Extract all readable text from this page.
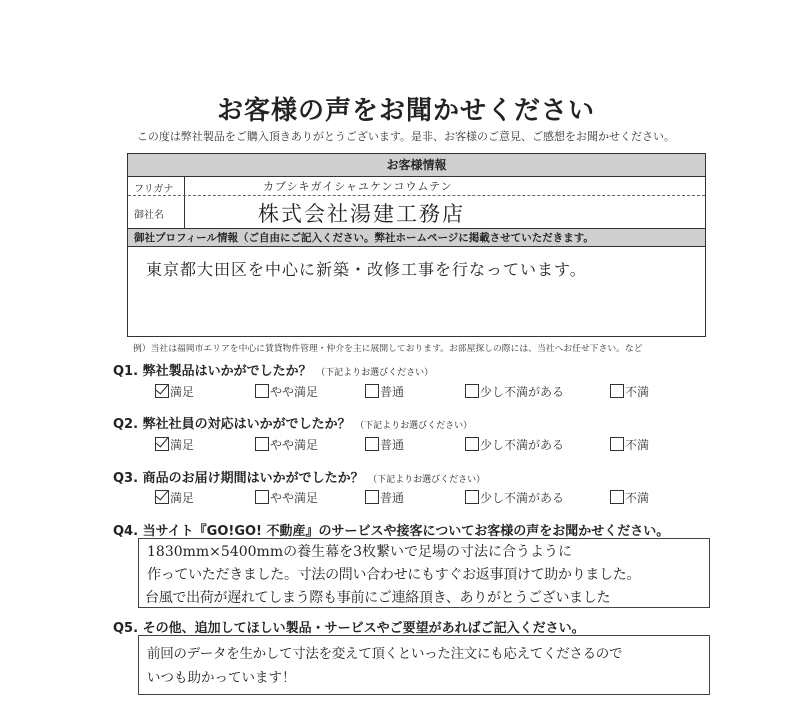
お客様の声をお聞かせください
この度は弊社製品をご購入頂きありがとうございます。是非、お客様のご意見、ご感想をお聞かせください。
お客様情報
フリガナ	カブシキガイシャユケンコウムテン
御社名	株式会社湯建工務店
御社プロフィール情報（ご自由にご記入ください。弊社ホームページに掲載させていただきます。
東京都大田区を中心に新築・改修工事を行なっています。
例）当社は福岡市エリアを中心に賃貸物件管理・仲介を主に展開しております。お部屋探しの際には、当社へお任せ下さい。など
Q1. 弊社製品はいかがでしたか？ （下記よりお選びください）
満足	やや満足	普通	少し不満がある	不満
Q2. 弊社社員の対応はいかがでしたか？ （下記よりお選びください）
満足	やや満足	普通	少し不満がある	不満
Q3. 商品のお届け期間はいかがでしたか？ （下記よりお選びください）
満足	やや満足	普通	少し不満がある	不満
Q4. 当サイト『GO!GO! 不動産』のサービスや接客についてお客様の声をお聞かせください。
1830mm×5400mmの養生幕を3枚繋いで足場の寸法に合うように
作っていただきました。寸法の問い合わせにもすぐお返事頂けて助かりました。
台風で出荷が遅れてしまう際も事前にご連絡頂き、ありがとうございました
Q5. その他、追加してほしい製品・サービスやご要望があればご記入ください。
前回のデータを生かして寸法を変えて頂くといった注文にも応えてくださるので
いつも助かっています！
